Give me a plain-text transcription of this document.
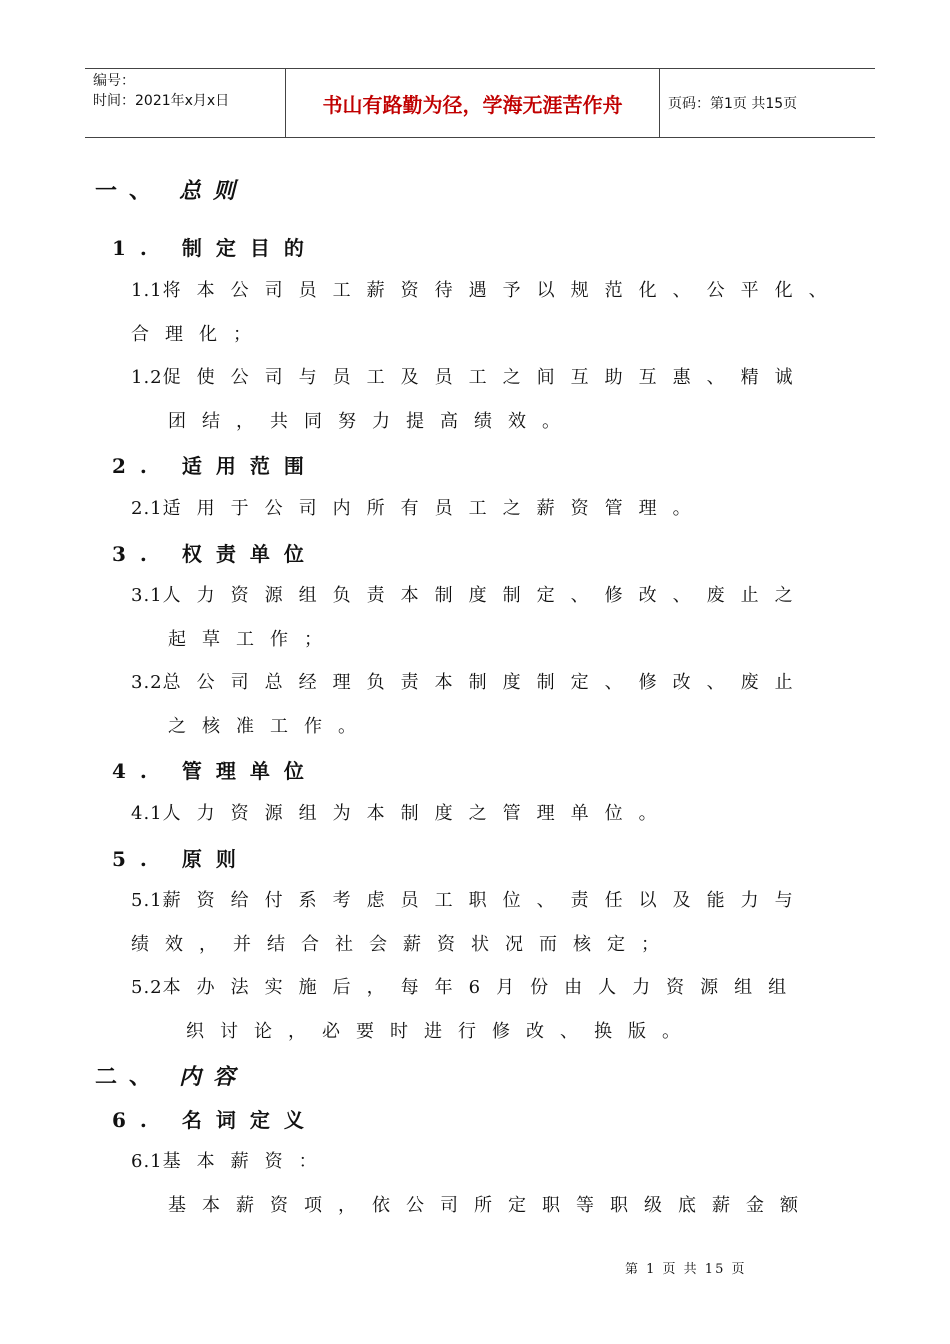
编号：
时间：2021年x月x日	书山有路勤为径，学海无涯苦作舟	页码：第1页 共15页
一、 总则
1. 制定目的
1.1将本公司员工薪资待遇予以规范化、公平化、
合理化；
1.2促使公司与员工及员工之间互助互惠、精诚
团结，共同努力提高绩效。
2. 适用范围
2.1适用于公司内所有员工之薪资管理。
3. 权责单位
3.1人力资源组负责本制度制定、修改、废止之
起草工作；
3.2总公司总经理负责本制度制定、修改、废止
之核准工作。
4. 管理单位
4.1人力资源组为本制度之管理单位。
5. 原则
5.1薪资给付系考虑员工职位、责任以及能力与
绩效，并结合社会薪资状况而核定；
5.2本办法实施后，每年6月份由人力资源组组
织讨论，必要时进行修改、换版。
二、 内容
6. 名词定义
6.1基本薪资：
基本薪资项，依公司所定职等职级底薪金额
第 1 页 共 15 页
